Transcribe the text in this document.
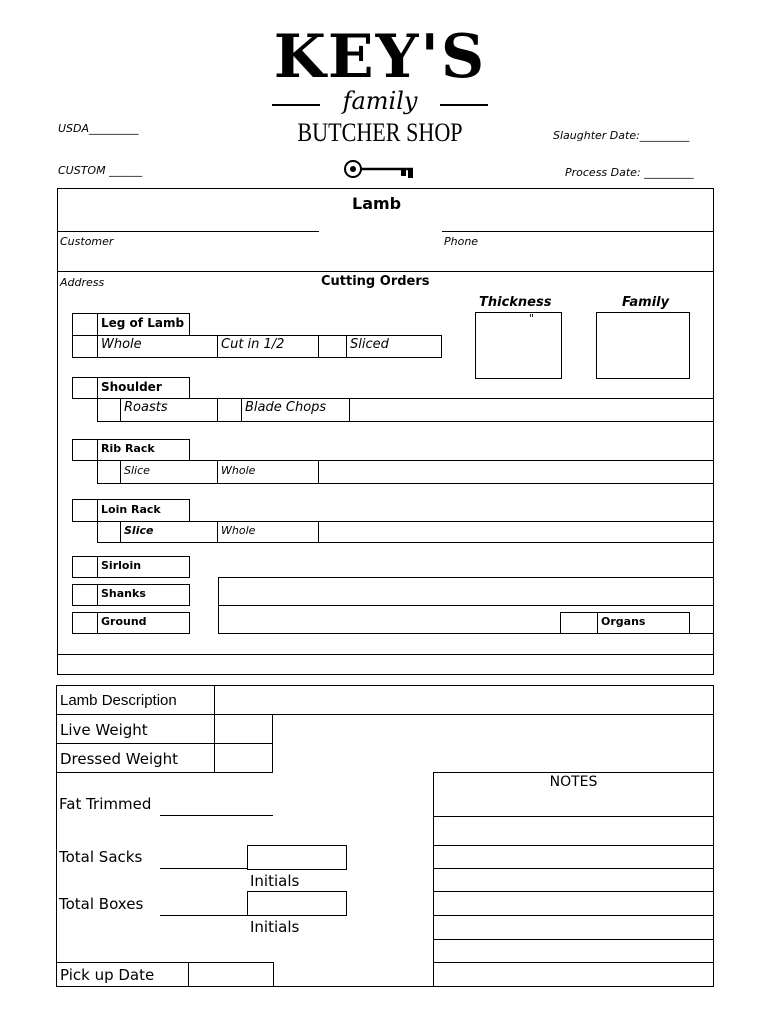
KEY'S
family
BUTCHER SHOP
USDA_________
CUSTOM ______
Slaughter Date:_________
Process Date: _________
Lamb
Customer	Phone
Address	Cutting Orders
Thickness	Family
"
Leg of Lamb
Whole	Cut in 1/2	Sliced
Shoulder
Roasts	Blade Chops
Rib Rack
Slice	Whole
Loin Rack
Slice	Whole
Sirloin
Shanks
Ground	Organs
Lamb Description
Live Weight
Dressed Weight
Fat Trimmed
Total Sacks
Initials
Total Boxes
Initials
Pick up Date
NOTES
